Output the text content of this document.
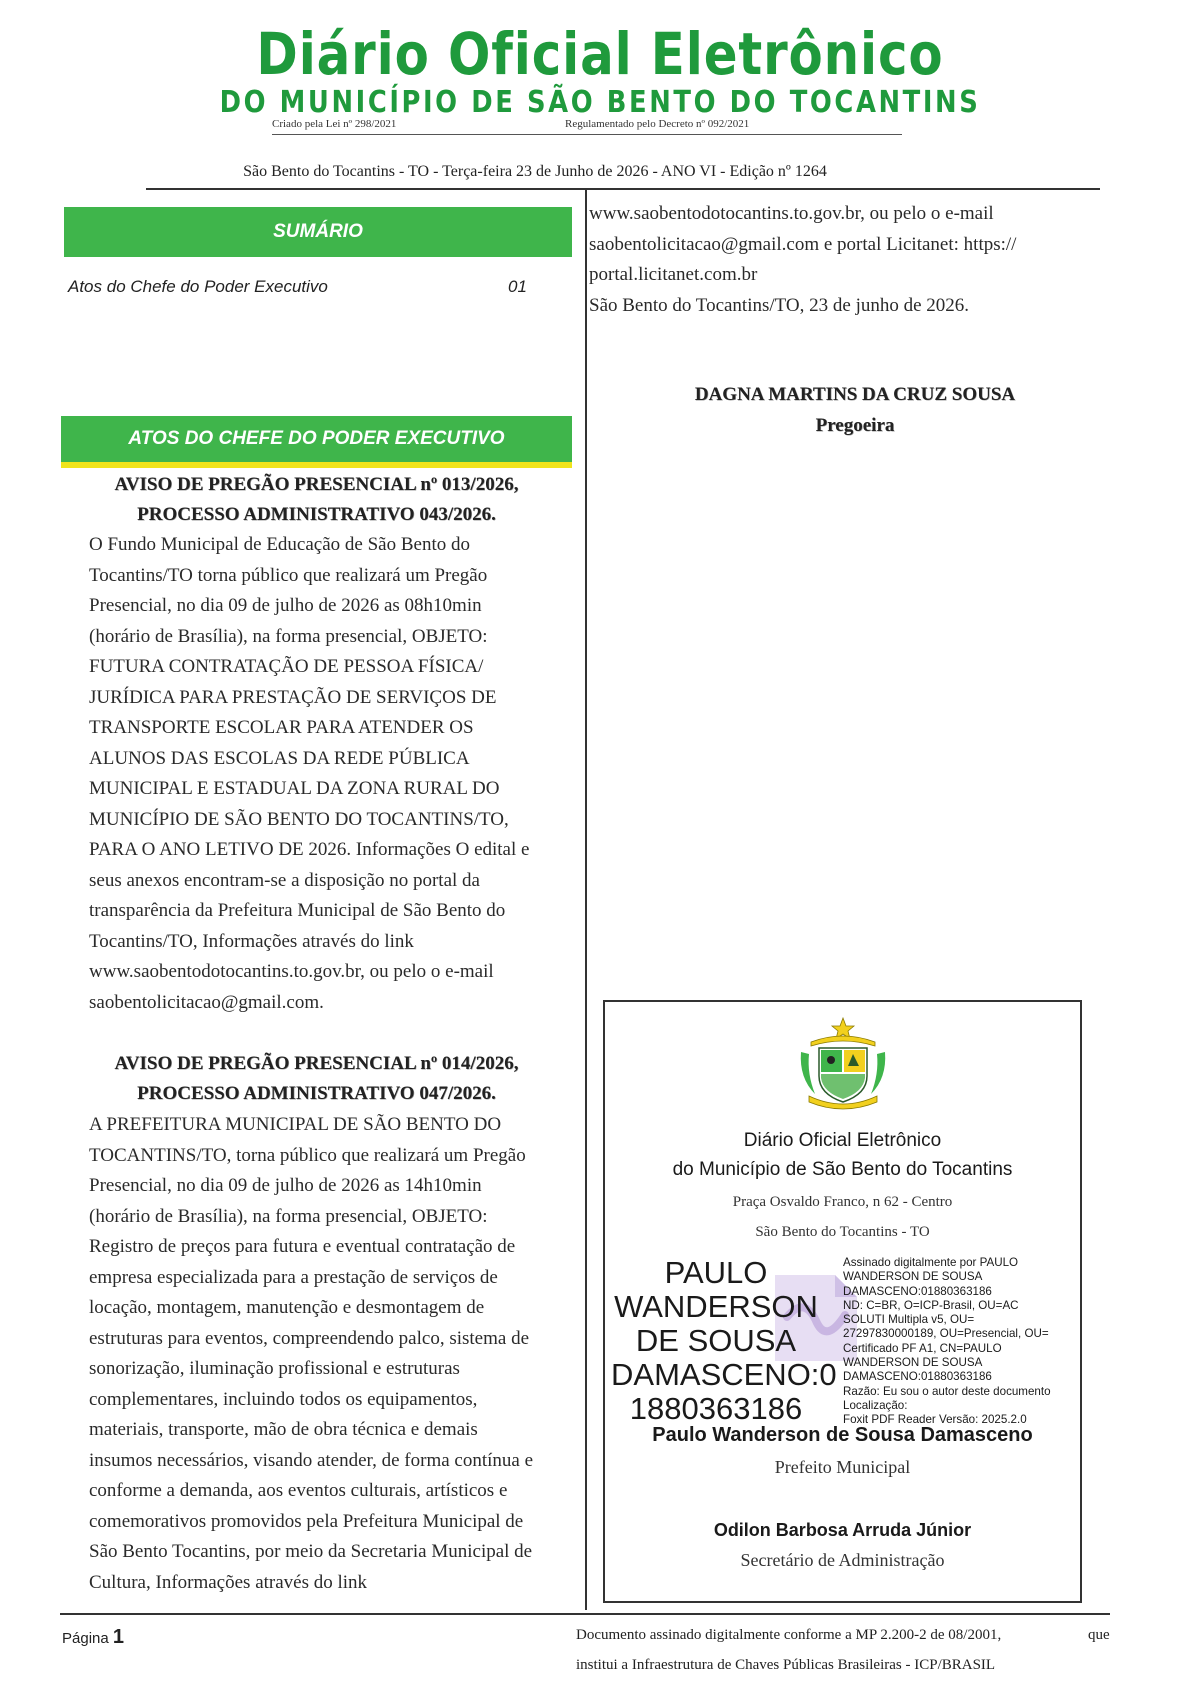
Diário Oficial Eletrônico
DO MUNICÍPIO DE SÃO BENTO DO TOCANTINS
Criado pela Lei nº 298/2021	Regulamentado pelo Decreto nº 092/2021
São Bento do Tocantins - TO - Terça-feira 23 de Junho de 2026 - ANO VI - Edição nº 1264
SUMÁRIO
Atos do Chefe do Poder Executivo	01
ATOS DO CHEFE DO PODER EXECUTIVO
AVISO DE PREGÃO PRESENCIAL nº 013/2026,
PROCESSO ADMINISTRATIVO 043/2026.
O Fundo Municipal de Educação de São Bento do
Tocantins/TO torna público que realizará um Pregão
Presencial, no dia 09 de julho de 2026 as 08h10min
(horário de Brasília), na forma presencial, OBJETO:
FUTURA CONTRATAÇÃO DE PESSOA FÍSICA/
JURÍDICA PARA PRESTAÇÃO DE SERVIÇOS DE
TRANSPORTE ESCOLAR PARA ATENDER OS
ALUNOS DAS ESCOLAS DA REDE PÚBLICA
MUNICIPAL E ESTADUAL DA ZONA RURAL DO
MUNICÍPIO DE SÃO BENTO DO TOCANTINS/TO,
PARA O ANO LETIVO DE 2026. Informações O edital e
seus anexos encontram-se a disposição no portal da
transparência da Prefeitura Municipal de São Bento do
Tocantins/TO, Informações através do link
www.saobentodotocantins.to.gov.br, ou pelo o e-mail
saobentolicitacao@gmail.com.
AVISO DE PREGÃO PRESENCIAL nº 014/2026,
PROCESSO ADMINISTRATIVO 047/2026.
A PREFEITURA MUNICIPAL DE SÃO BENTO DO
TOCANTINS/TO, torna público que realizará um Pregão
Presencial, no dia 09 de julho de 2026 as 14h10min
(horário de Brasília), na forma presencial, OBJETO:
Registro de preços para futura e eventual contratação de
empresa especializada para a prestação de serviços de
locação, montagem, manutenção e desmontagem de
estruturas para eventos, compreendendo palco, sistema de
sonorização, iluminação profissional e estruturas
complementares, incluindo todos os equipamentos,
materiais, transporte, mão de obra técnica e demais
insumos necessários, visando atender, de forma contínua e
conforme a demanda, aos eventos culturais, artísticos e
comemorativos promovidos pela Prefeitura Municipal de
São Bento Tocantins, por meio da Secretaria Municipal de
Cultura, Informações através do link
www.saobentodotocantins.to.gov.br, ou pelo o e-mail
saobentolicitacao@gmail.com e portal Licitanet: https://
portal.licitanet.com.br
São Bento do Tocantins/TO, 23 de junho de 2026.
DAGNA MARTINS DA CRUZ SOUSA
Pregoeira
Diário Oficial Eletrônico
do Município de São Bento do Tocantins
Praça Osvaldo Franco, n 62 - Centro
São Bento do Tocantins - TO
PAULO
WANDERSON
DE SOUSA
DAMASCENO:0
1880363186
Assinado digitalmente por PAULO
WANDERSON DE SOUSA
DAMASCENO:01880363186
ND: C=BR, O=ICP-Brasil, OU=AC
SOLUTI Multipla v5, OU=
27297830000189, OU=Presencial, OU=
Certificado PF A1, CN=PAULO
WANDERSON DE SOUSA
DAMASCENO:01880363186
Razão: Eu sou o autor deste documento
Localização:
Foxit PDF Reader Versão: 2025.2.0
Paulo Wanderson de Sousa Damasceno
Prefeito Municipal
Odilon Barbosa Arruda Júnior
Secretário de Administração
Página 1	Documento assinado digitalmente conforme a MP 2.200-2 de 08/2001,	que
institui a Infraestrutura de Chaves Públicas Brasileiras - ICP/BRASIL
